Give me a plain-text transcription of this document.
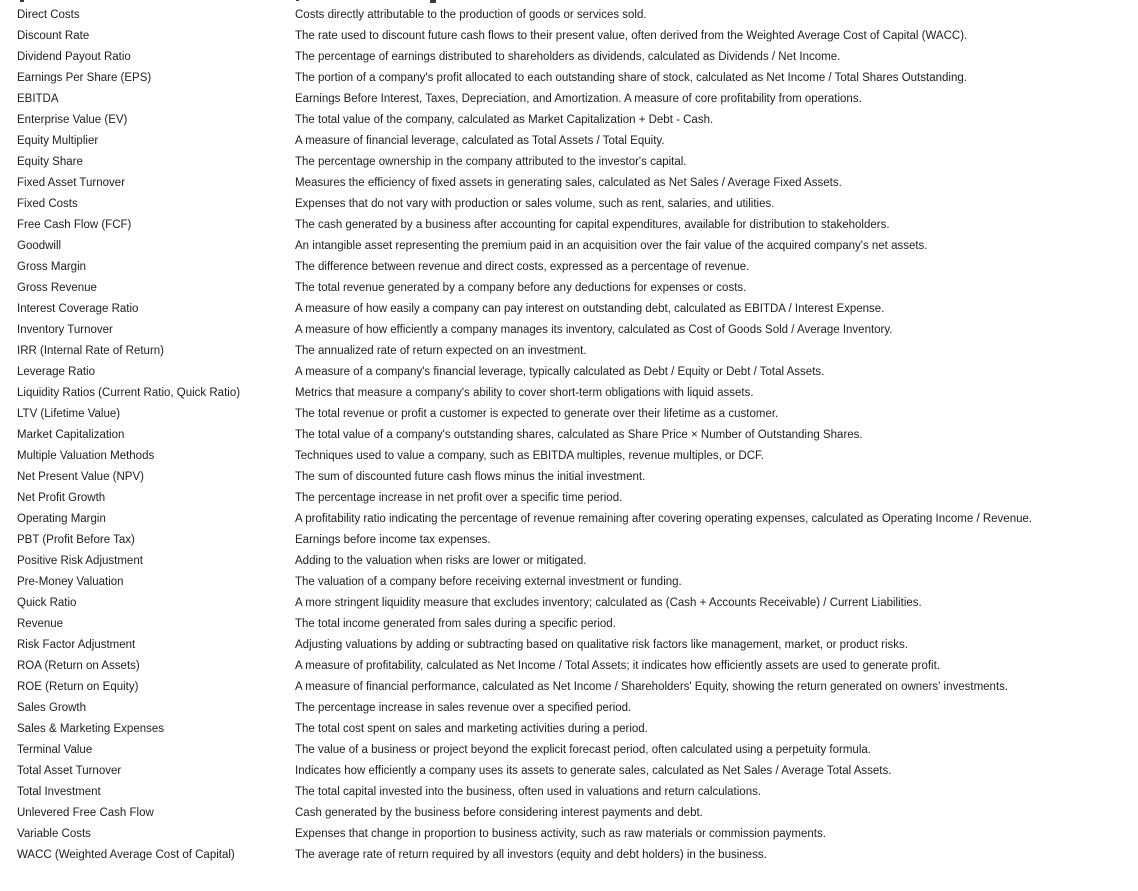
Direct Costs	Costs directly attributable to the production of goods or services sold.
Discount Rate	The rate used to discount future cash flows to their present value, often derived from the Weighted Average Cost of Capital (WACC).
Dividend Payout Ratio	The percentage of earnings distributed to shareholders as dividends, calculated as Dividends / Net Income.
Earnings Per Share (EPS)	The portion of a company's profit allocated to each outstanding share of stock, calculated as Net Income / Total Shares Outstanding.
EBITDA	Earnings Before Interest, Taxes, Depreciation, and Amortization. A measure of core profitability from operations.
Enterprise Value (EV)	The total value of the company, calculated as Market Capitalization + Debt - Cash.
Equity Multiplier	A measure of financial leverage, calculated as Total Assets / Total Equity.
Equity Share	The percentage ownership in the company attributed to the investor's capital.
Fixed Asset Turnover	Measures the efficiency of fixed assets in generating sales, calculated as Net Sales / Average Fixed Assets.
Fixed Costs	Expenses that do not vary with production or sales volume, such as rent, salaries, and utilities.
Free Cash Flow (FCF)	The cash generated by a business after accounting for capital expenditures, available for distribution to stakeholders.
Goodwill	An intangible asset representing the premium paid in an acquisition over the fair value of the acquired company's net assets.
Gross Margin	The difference between revenue and direct costs, expressed as a percentage of revenue.
Gross Revenue	The total revenue generated by a company before any deductions for expenses or costs.
Interest Coverage Ratio	A measure of how easily a company can pay interest on outstanding debt, calculated as EBITDA / Interest Expense.
Inventory Turnover	A measure of how efficiently a company manages its inventory, calculated as Cost of Goods Sold / Average Inventory.
IRR (Internal Rate of Return)	The annualized rate of return expected on an investment.
Leverage Ratio	A measure of a company's financial leverage, typically calculated as Debt / Equity or Debt / Total Assets.
Liquidity Ratios (Current Ratio, Quick Ratio)	Metrics that measure a company's ability to cover short-term obligations with liquid assets.
LTV (Lifetime Value)	The total revenue or profit a customer is expected to generate over their lifetime as a customer.
Market Capitalization	The total value of a company's outstanding shares, calculated as Share Price × Number of Outstanding Shares.
Multiple Valuation Methods	Techniques used to value a company, such as EBITDA multiples, revenue multiples, or DCF.
Net Present Value (NPV)	The sum of discounted future cash flows minus the initial investment.
Net Profit Growth	The percentage increase in net profit over a specific time period.
Operating Margin	A profitability ratio indicating the percentage of revenue remaining after covering operating expenses, calculated as Operating Income / Revenue.
PBT (Profit Before Tax)	Earnings before income tax expenses.
Positive Risk Adjustment	Adding to the valuation when risks are lower or mitigated.
Pre-Money Valuation	The valuation of a company before receiving external investment or funding.
Quick Ratio	A more stringent liquidity measure that excludes inventory; calculated as (Cash + Accounts Receivable) / Current Liabilities.
Revenue	The total income generated from sales during a specific period.
Risk Factor Adjustment	Adjusting valuations by adding or subtracting based on qualitative risk factors like management, market, or product risks.
ROA (Return on Assets)	A measure of profitability, calculated as Net Income / Total Assets; it indicates how efficiently assets are used to generate profit.
ROE (Return on Equity)	A measure of financial performance, calculated as Net Income / Shareholders' Equity, showing the return generated on owners' investments.
Sales Growth	The percentage increase in sales revenue over a specified period.
Sales & Marketing Expenses	The total cost spent on sales and marketing activities during a period.
Terminal Value	The value of a business or project beyond the explicit forecast period, often calculated using a perpetuity formula.
Total Asset Turnover	Indicates how efficiently a company uses its assets to generate sales, calculated as Net Sales / Average Total Assets.
Total Investment	The total capital invested into the business, often used in valuations and return calculations.
Unlevered Free Cash Flow	Cash generated by the business before considering interest payments and debt.
Variable Costs	Expenses that change in proportion to business activity, such as raw materials or commission payments.
WACC (Weighted Average Cost of Capital)	The average rate of return required by all investors (equity and debt holders) in the business.
